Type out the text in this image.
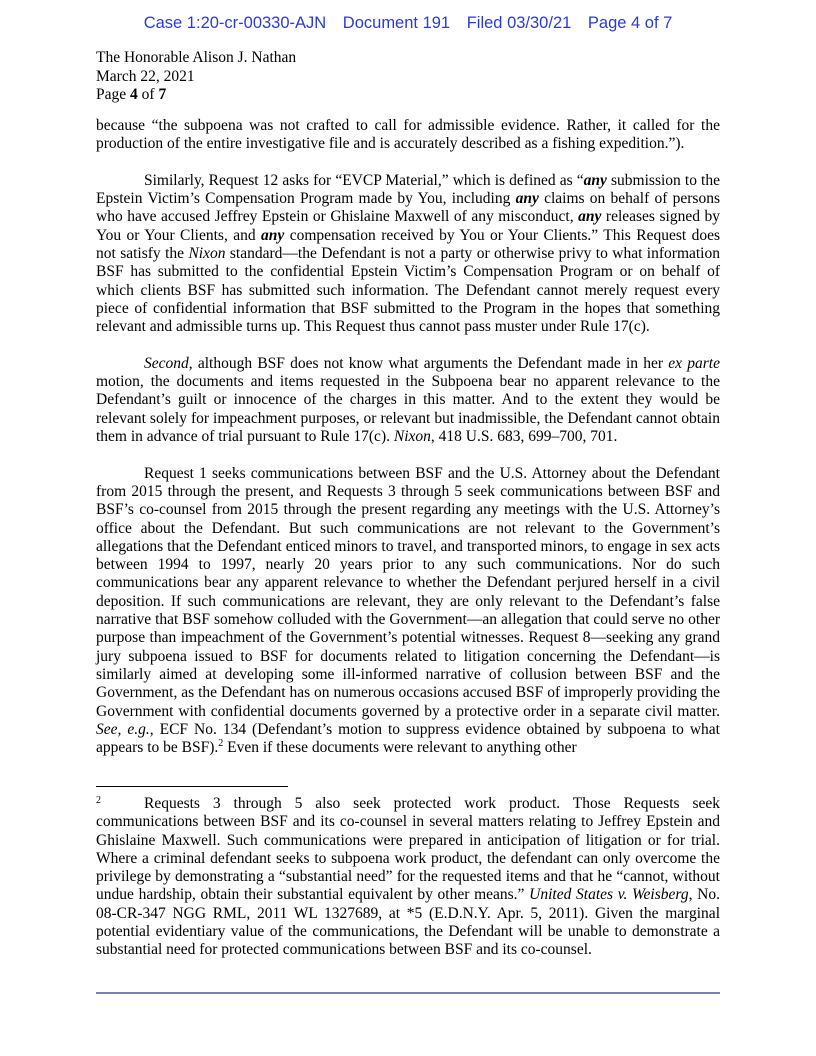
Case 1:20-cr-00330-AJN Document 191 Filed 03/30/21 Page 4 of 7
The Honorable Alison J. Nathan
March 22, 2021
Page 4 of 7

because “the subpoena was not crafted to call for admissible evidence. Rather, it called for the production of the entire investigative file and is accurately described as a fishing expedition.”).

Similarly, Request 12 asks for “EVCP Material,” which is defined as “any submission to the Epstein Victim’s Compensation Program made by You, including any claims on behalf of persons who have accused Jeffrey Epstein or Ghislaine Maxwell of any misconduct, any releases signed by You or Your Clients, and any compensation received by You or Your Clients.” This Request does not satisfy the Nixon standard—the Defendant is not a party or otherwise privy to what information BSF has submitted to the confidential Epstein Victim’s Compensation Program or on behalf of which clients BSF has submitted such information. The Defendant cannot merely request every piece of confidential information that BSF submitted to the Program in the hopes that something relevant and admissible turns up. This Request thus cannot pass muster under Rule 17(c).

Second, although BSF does not know what arguments the Defendant made in her ex parte motion, the documents and items requested in the Subpoena bear no apparent relevance to the Defendant’s guilt or innocence of the charges in this matter. And to the extent they would be relevant solely for impeachment purposes, or relevant but inadmissible, the Defendant cannot obtain them in advance of trial pursuant to Rule 17(c). Nixon, 418 U.S. 683, 699–700, 701.

Request 1 seeks communications between BSF and the U.S. Attorney about the Defendant from 2015 through the present, and Requests 3 through 5 seek communications between BSF and BSF’s co-counsel from 2015 through the present regarding any meetings with the U.S. Attorney’s office about the Defendant. But such communications are not relevant to the Government’s allegations that the Defendant enticed minors to travel, and transported minors, to engage in sex acts between 1994 to 1997, nearly 20 years prior to any such communications. Nor do such communications bear any apparent relevance to whether the Defendant perjured herself in a civil deposition. If such communications are relevant, they are only relevant to the Defendant’s false narrative that BSF somehow colluded with the Government—an allegation that could serve no other purpose than impeachment of the Government’s potential witnesses. Request 8—seeking any grand jury subpoena issued to BSF for documents related to litigation concerning the Defendant—is similarly aimed at developing some ill-informed narrative of collusion between BSF and the Government, as the Defendant has on numerous occasions accused BSF of improperly providing the Government with confidential documents governed by a protective order in a separate civil matter. See, e.g., ECF No. 134 (Defendant’s motion to suppress evidence obtained by subpoena to what appears to be BSF).$^2$ Even if these documents were relevant to anything other

2	Requests 3 through 5 also seek protected work product. Those Requests seek communications between BSF and its co-counsel in several matters relating to Jeffrey Epstein and Ghislaine Maxwell. Such communications were prepared in anticipation of litigation or for trial. Where a criminal defendant seeks to subpoena work product, the defendant can only overcome the privilege by demonstrating a “substantial need” for the requested items and that he “cannot, without undue hardship, obtain their substantial equivalent by other means.” United States v. Weisberg, No. 08-CR-347 NGG RML, 2011 WL 1327689, at *5 (E.D.N.Y. Apr. 5, 2011). Given the marginal potential evidentiary value of the communications, the Defendant will be unable to demonstrate a substantial need for protected communications between BSF and its co-counsel.
